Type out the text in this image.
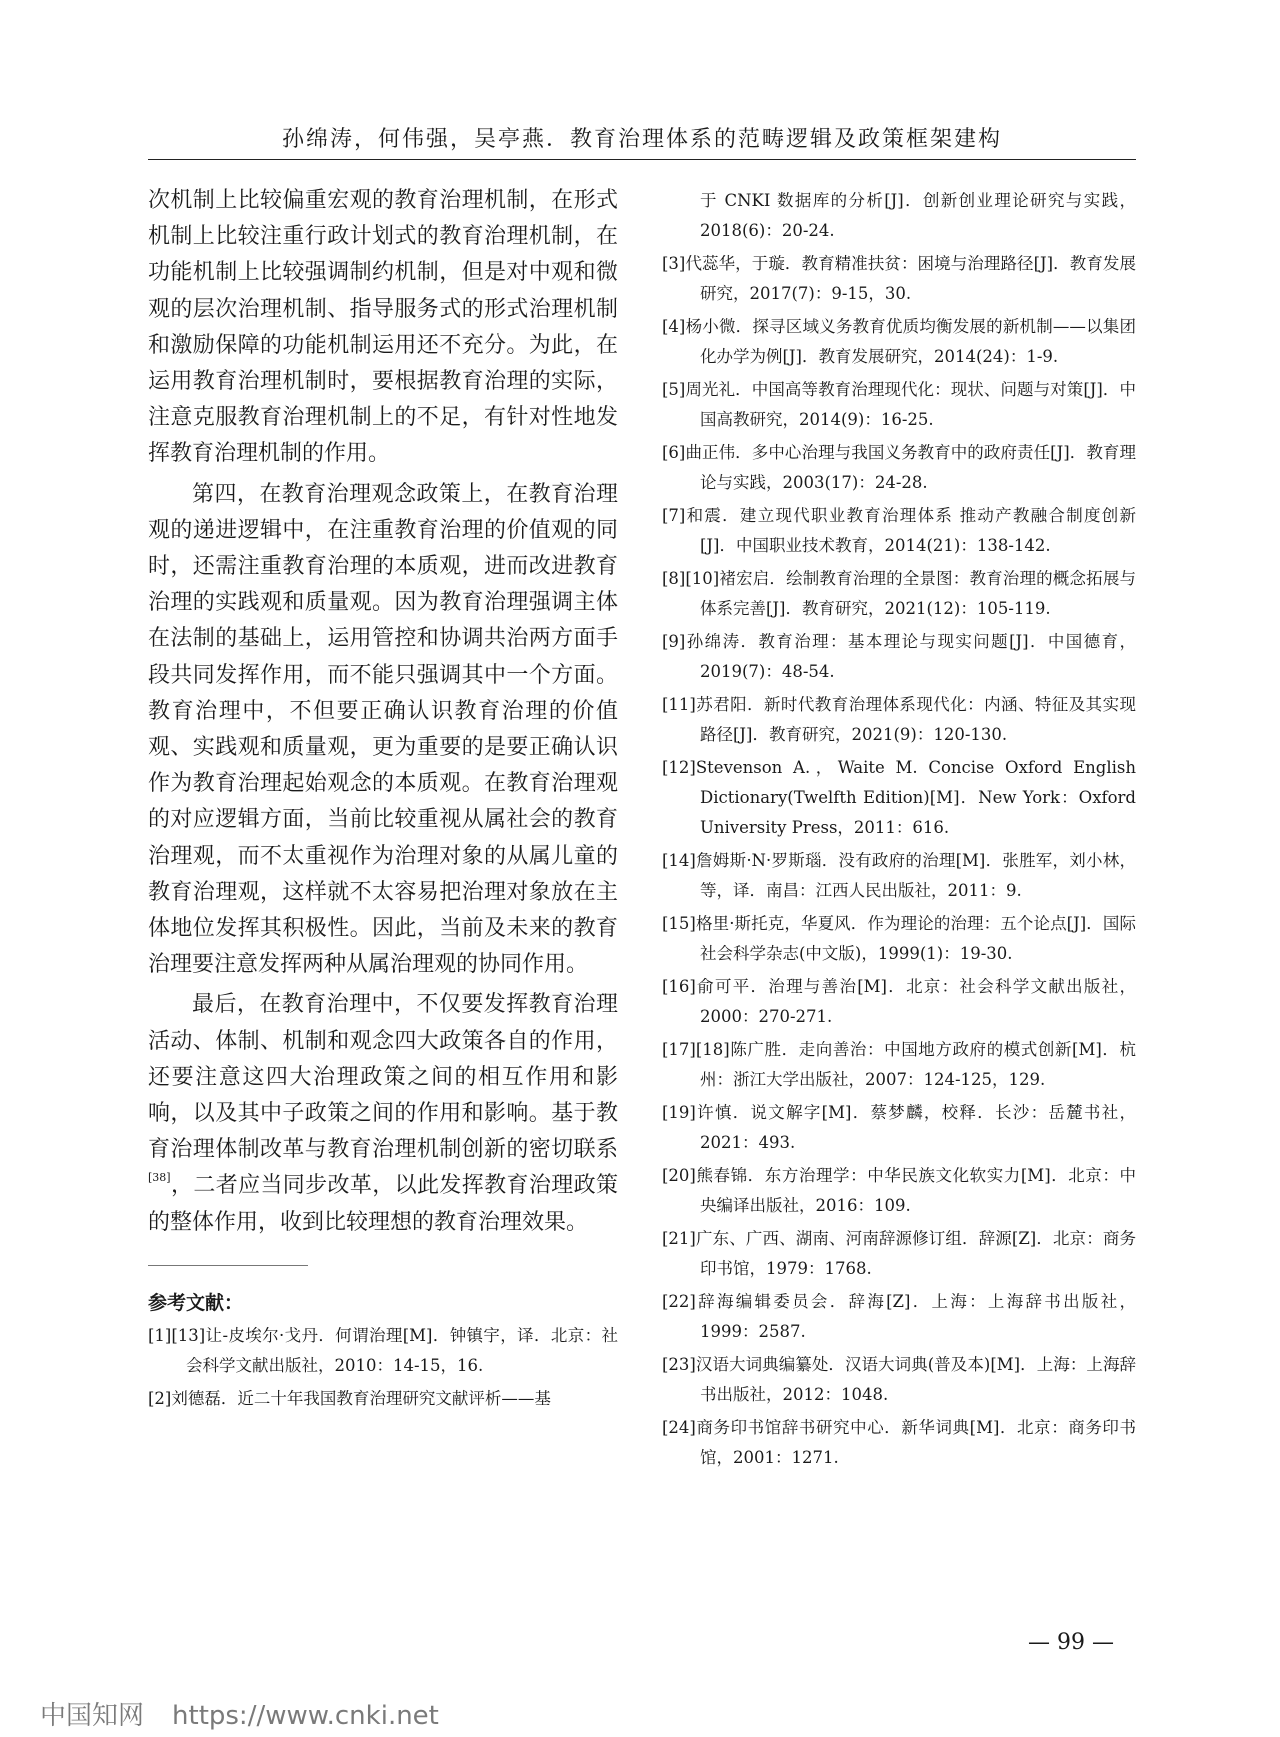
孙绵涛，何伟强，吴亭燕．教育治理体系的范畴逻辑及政策框架建构

次机制上比较偏重宏观的教育治理机制，在形式机制上比较注重行政计划式的教育治理机制，在功能机制上比较强调制约机制，但是对中观和微观的层次治理机制、指导服务式的形式治理机制和激励保障的功能机制运用还不充分。为此，在运用教育治理机制时，要根据教育治理的实际，注意克服教育治理机制上的不足，有针对性地发挥教育治理机制的作用。

第四，在教育治理观念政策上，在教育治理观的递进逻辑中，在注重教育治理的价值观的同时，还需注重教育治理的本质观，进而改进教育治理的实践观和质量观。因为教育治理强调主体在法制的基础上，运用管控和协调共治两方面手段共同发挥作用，而不能只强调其中一个方面。教育治理中，不但要正确认识教育治理的价值观、实践观和质量观，更为重要的是要正确认识作为教育治理起始观念的本质观。在教育治理观的对应逻辑方面，当前比较重视从属社会的教育治理观，而不太重视作为治理对象的从属儿童的教育治理观，这样就不太容易把治理对象放在主体地位发挥其积极性。因此，当前及未来的教育治理要注意发挥两种从属治理观的协同作用。

最后，在教育治理中，不仅要发挥教育治理活动、体制、机制和观念四大政策各自的作用，还要注意这四大治理政策之间的相互作用和影响，以及其中子政策之间的作用和影响。基于教育治理体制改革与教育治理机制创新的密切联系[38]，二者应当同步改革，以此发挥教育治理政策的整体作用，收到比较理想的教育治理效果。

参考文献：

[1][13]让-皮埃尔·戈丹．何谓治理[M]．钟镇宇，译．北京：社会科学文献出版社，2010：14-15，16.

[2]刘德磊．近二十年我国教育治理研究文献评析——基

于 CNKI 数据库的分析[J]．创新创业理论研究与实践，2018(6)：20-24.

[3]代蕊华，于璇．教育精准扶贫：困境与治理路径[J]．教育发展研究，2017(7)：9-15，30.

[4]杨小微．探寻区域义务教育优质均衡发展的新机制——以集团化办学为例[J]．教育发展研究，2014(24)：1-9.

[5]周光礼．中国高等教育治理现代化：现状、问题与对策[J]．中国高教研究，2014(9)：16-25.

[6]曲正伟．多中心治理与我国义务教育中的政府责任[J]．教育理论与实践，2003(17)：24-28.

[7]和震．建立现代职业教育治理体系 推动产教融合制度创新[J]．中国职业技术教育，2014(21)：138-142.

[8][10]褚宏启．绘制教育治理的全景图：教育治理的概念拓展与体系完善[J]．教育研究，2021(12)：105-119.

[9]孙绵涛．教育治理：基本理论与现实问题[J]．中国德育，2019(7)：48-54.

[11]苏君阳．新时代教育治理体系现代化：内涵、特征及其实现路径[J]．教育研究，2021(9)：120-130.

[12]Stevenson A.，Waite M. Concise Oxford English Dictionary(Twelfth Edition)[M]．New York：Oxford University Press，2011：616.

[14]詹姆斯·N·罗斯瑙．没有政府的治理[M]．张胜军，刘小林，等，译．南昌：江西人民出版社，2011：9.

[15]格里·斯托克，华夏风．作为理论的治理：五个论点[J]．国际社会科学杂志(中文版)，1999(1)：19-30.

[16]俞可平．治理与善治[M]．北京：社会科学文献出版社，2000：270-271.

[17][18]陈广胜．走向善治：中国地方政府的模式创新[M]．杭州：浙江大学出版社，2007：124-125，129.

[19]许慎．说文解字[M]．蔡梦麟，校释．长沙：岳麓书社，2021：493.

[20]熊春锦．东方治理学：中华民族文化软实力[M]．北京：中央编译出版社，2016：109.

[21]广东、广西、湖南、河南辞源修订组．辞源[Z]．北京：商务印书馆，1979：1768.

[22]辞海编辑委员会．辞海[Z]．上海：上海辞书出版社，1999：2587.

[23]汉语大词典编纂处．汉语大词典(普及本)[M]．上海：上海辞书出版社，2012：1048.

[24]商务印书馆辞书研究中心．新华词典[M]．北京：商务印书馆，2001：1271.

— 99 —
中国知网 https://www.cnki.net
